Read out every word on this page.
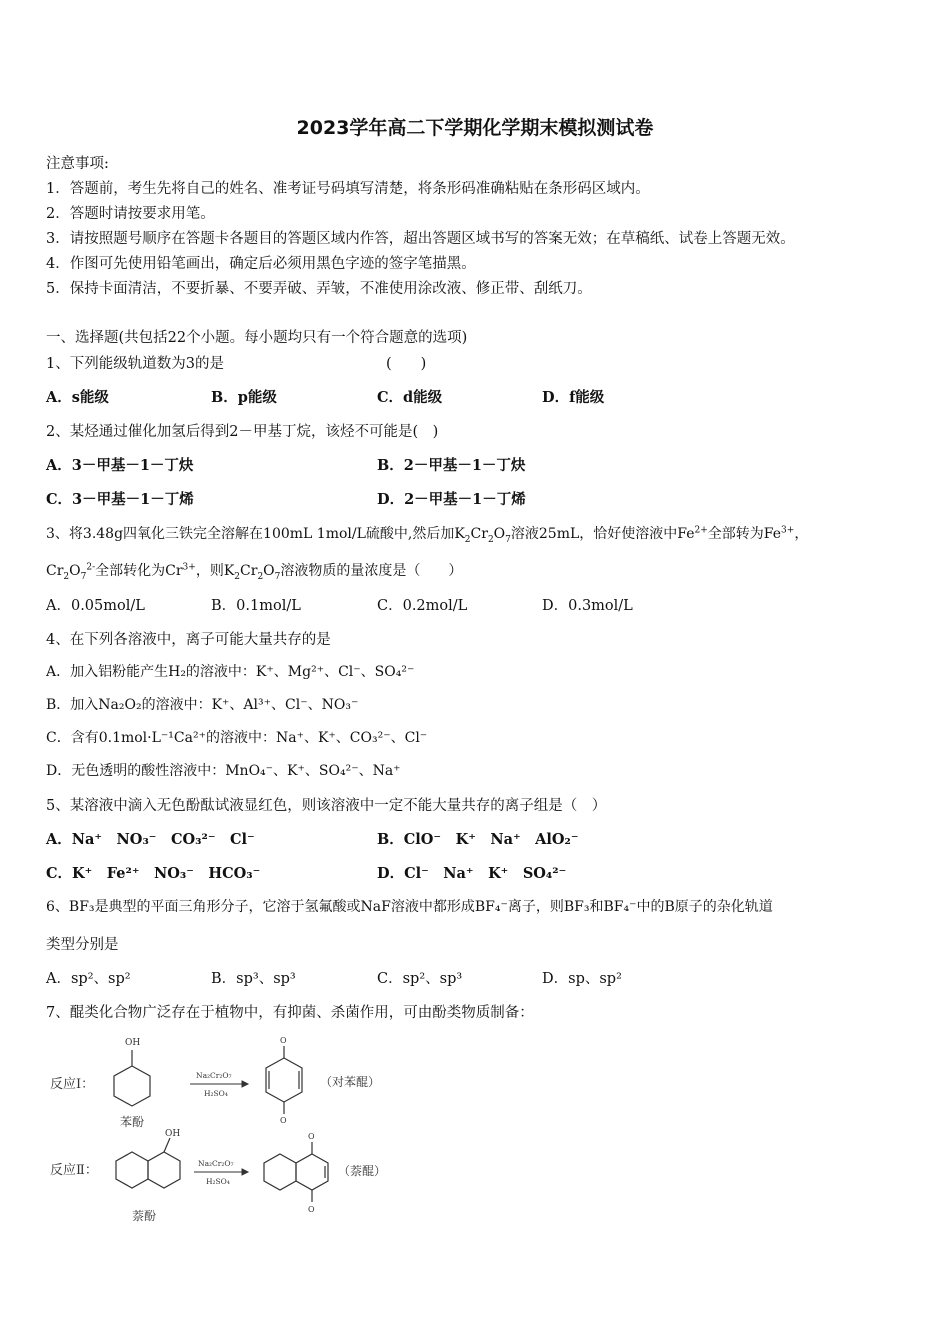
2023学年高二下学期化学期末模拟测试卷
注意事项:
1．答题前，考生先将自己的姓名、准考证号码填写清楚，将条形码准确粘贴在条形码区域内。
2．答题时请按要求用笔。
3．请按照题号顺序在答题卡各题目的答题区域内作答，超出答题区域书写的答案无效；在草稿纸、试卷上答题无效。
4．作图可先使用铅笔画出，确定后必须用黑色字迹的签字笔描黑。
5．保持卡面清洁，不要折暴、不要弄破、弄皱，不准使用涂改液、修正带、刮纸刀。
一、选择题(共包括22个小题。每小题均只有一个符合题意的选项)
1、下列能级轨道数为3的是	(　　)
A．s能级	B．p能级	C．d能级	D．f能级
2、某烃通过催化加氢后得到2－甲基丁烷，该烃不可能是(　)
A．3－甲基－1－丁炔	B．2－甲基－1－丁炔
C．3－甲基－1－丁烯	D．2－甲基－1－丁烯
3、将3.48g四氧化三铁完全溶解在100mL 1mol/L硫酸中,然后加$K_2Cr_2O_7$溶液25mL，恰好使溶液中$Fe^{2+}$全部转为$Fe^{3+}$，
$Cr_2O_7^{2-}$全部转化为$Cr^{3+}$，则$K_2Cr_2O_7$溶液物质的量浓度是（　　）
A．0.05mol/L	B．0.1mol/L	C．0.2mol/L	D．0.3mol/L
4、在下列各溶液中，离子可能大量共存的是
A．加入铝粉能产生H₂的溶液中：K⁺、Mg²⁺、Cl⁻、SO₄²⁻
B．加入Na₂O₂的溶液中：K⁺、Al³⁺、Cl⁻、NO₃⁻
C．含有0.1mol·L⁻¹Ca²⁺的溶液中：Na⁺、K⁺、CO₃²⁻、Cl⁻
D．无色透明的酸性溶液中：MnO₄⁻、K⁺、SO₄²⁻、Na⁺
5、某溶液中滴入无色酚酞试液显红色，则该溶液中一定不能大量共存的离子组是（　）
A．Na⁺　NO₃⁻　CO₃²⁻　Cl⁻	B．ClO⁻　K⁺　Na⁺　AlO₂⁻
C．K⁺　Fe²⁺　NO₃⁻　HCO₃⁻	D．Cl⁻　Na⁺　K⁺　SO₄²⁻
6、BF₃是典型的平面三角形分子，它溶于氢氟酸或NaF溶液中都形成BF₄⁻离子，则BF₃和BF₄⁻中的B原子的杂化轨道
类型分别是
A．sp²、sp²	B．sp³、sp³	C．sp²、sp³	D．sp、sp²
7、醌类化合物广泛存在于植物中，有抑菌、杀菌作用，可由酚类物质制备：
反应Ⅰ：
OH
苯酚
Na₂Cr₂O₇
H₂SO₄
O
O
（对苯醌）
反应Ⅱ：
OH
萘酚
Na₂Cr₂O₇
H₂SO₄
O
O
（萘醌）
